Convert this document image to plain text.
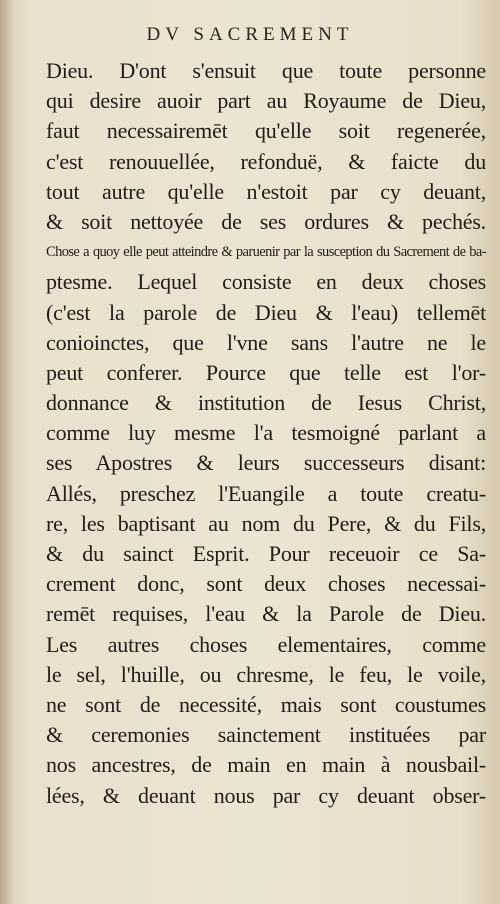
DV SACREMENT
Dieu. D'ont s'ensuit que toute personne
qui desire auoir part au Royaume de Dieu,
faut necessairemēt qu'elle soit regenerée,
c'est renouuellée, refonduë, & faicte du
tout autre qu'elle n'estoit par cy deuant,
& soit nettoyée de ses ordures & pechés.
Chose a quoy elle peut atteindre & paruenir par la susception du Sacrement de ba-
ptesme. Lequel consiste en deux choses
(c'est la parole de Dieu & l'eau) tellemēt
conioinctes, que l'vne sans l'autre ne le
peut conferer. Pource que telle est l'or-
donnance & institution de Iesus Christ,
comme luy mesme l'a tesmoigné parlant a
ses Apostres & leurs successeurs disant:
Allés, preschez l'Euangile a toute creatu-
re, les baptisant au nom du Pere, & du Fils,
& du sainct Esprit. Pour receuoir ce Sa-
crement donc, sont deux choses necessai-
remēt requises, l'eau & la Parole de Dieu.
Les autres choses elementaires, comme
le sel, l'huille, ou chresme, le feu, le voile,
ne sont de necessité, mais sont coustumes
& ceremonies sainctement instituées par
nos ancestres, de main en main à nousbail-
lées, & deuant nous par cy deuant obser-
